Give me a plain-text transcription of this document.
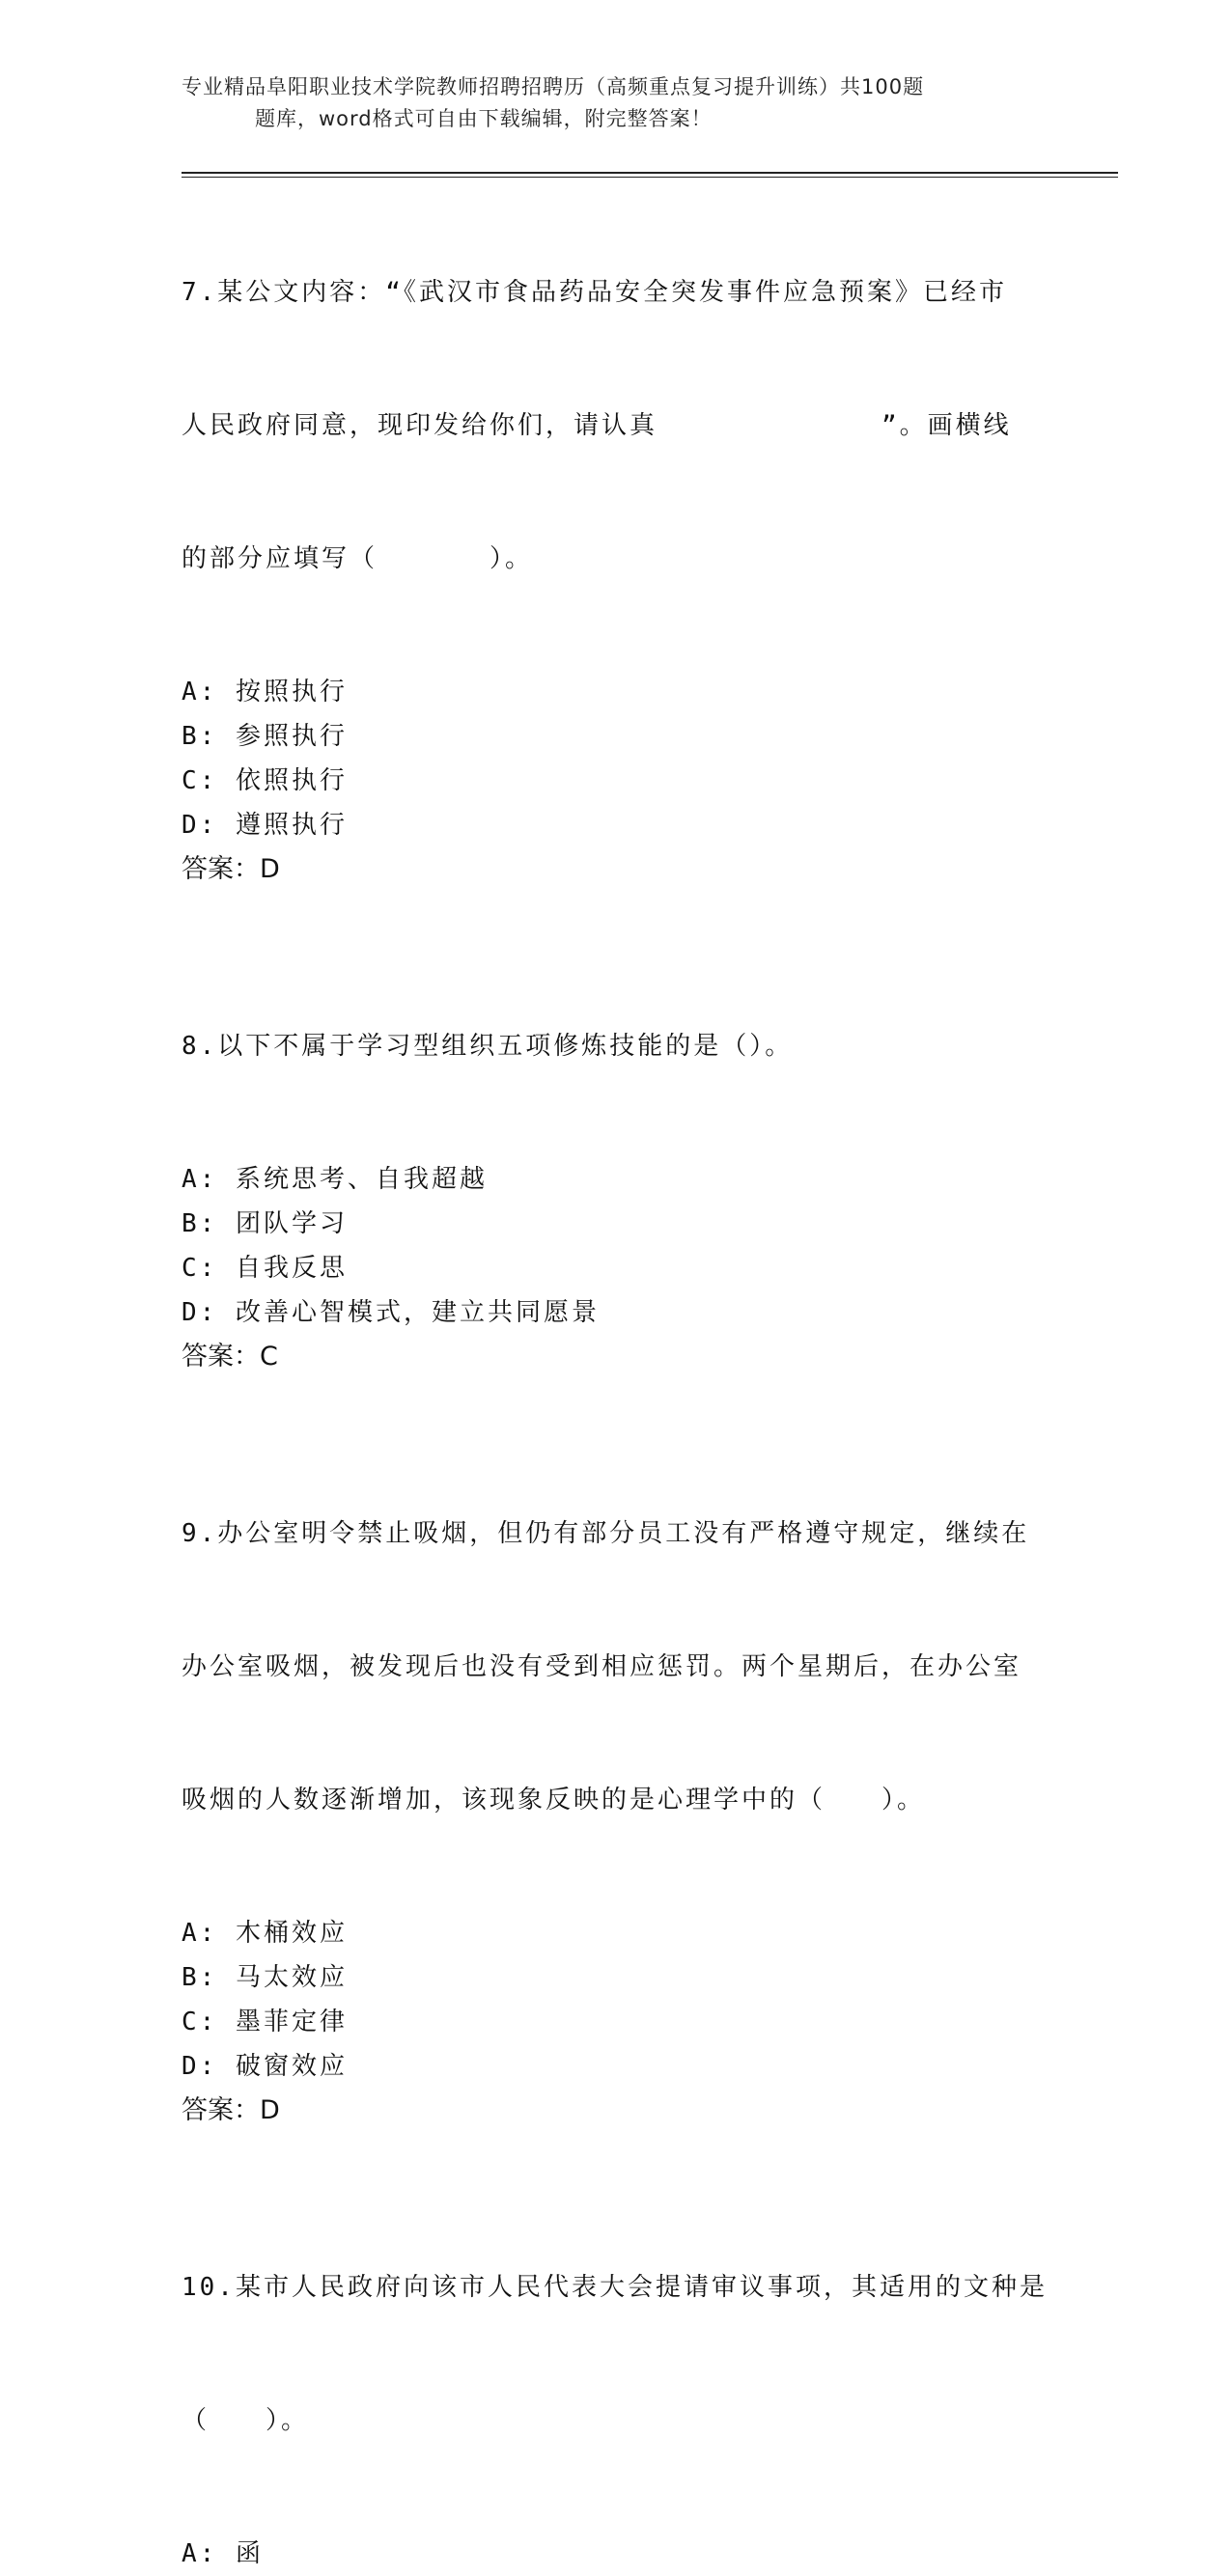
专业精品阜阳职业技术学院教师招聘招聘历（高频重点复习提升训练）共100题
题库，word格式可自由下载编辑，附完整答案！

7.某公文内容：“《武汉市食品药品安全突发事件应急预案》已经市

人民政府同意，现印发给你们，请认真　　　　　　　　”。画横线

的部分应填写（　　　　）。

A: 按照执行

B: 参照执行

C: 依照执行

D: 遵照执行

答案：D

8.以下不属于学习型组织五项修炼技能的是（）。

A: 系统思考、自我超越

B: 团队学习

C: 自我反思

D: 改善心智模式，建立共同愿景

答案：C

9.办公室明令禁止吸烟，但仍有部分员工没有严格遵守规定，继续在

办公室吸烟，被发现后也没有受到相应惩罚。两个星期后，在办公室

吸烟的人数逐渐增加，该现象反映的是心理学中的（　　）。

A: 木桶效应

B: 马太效应

C: 墨菲定律

D: 破窗效应

答案：D

10.某市人民政府向该市人民代表大会提请审议事项，其适用的文种是

（　　）。

A: 函
